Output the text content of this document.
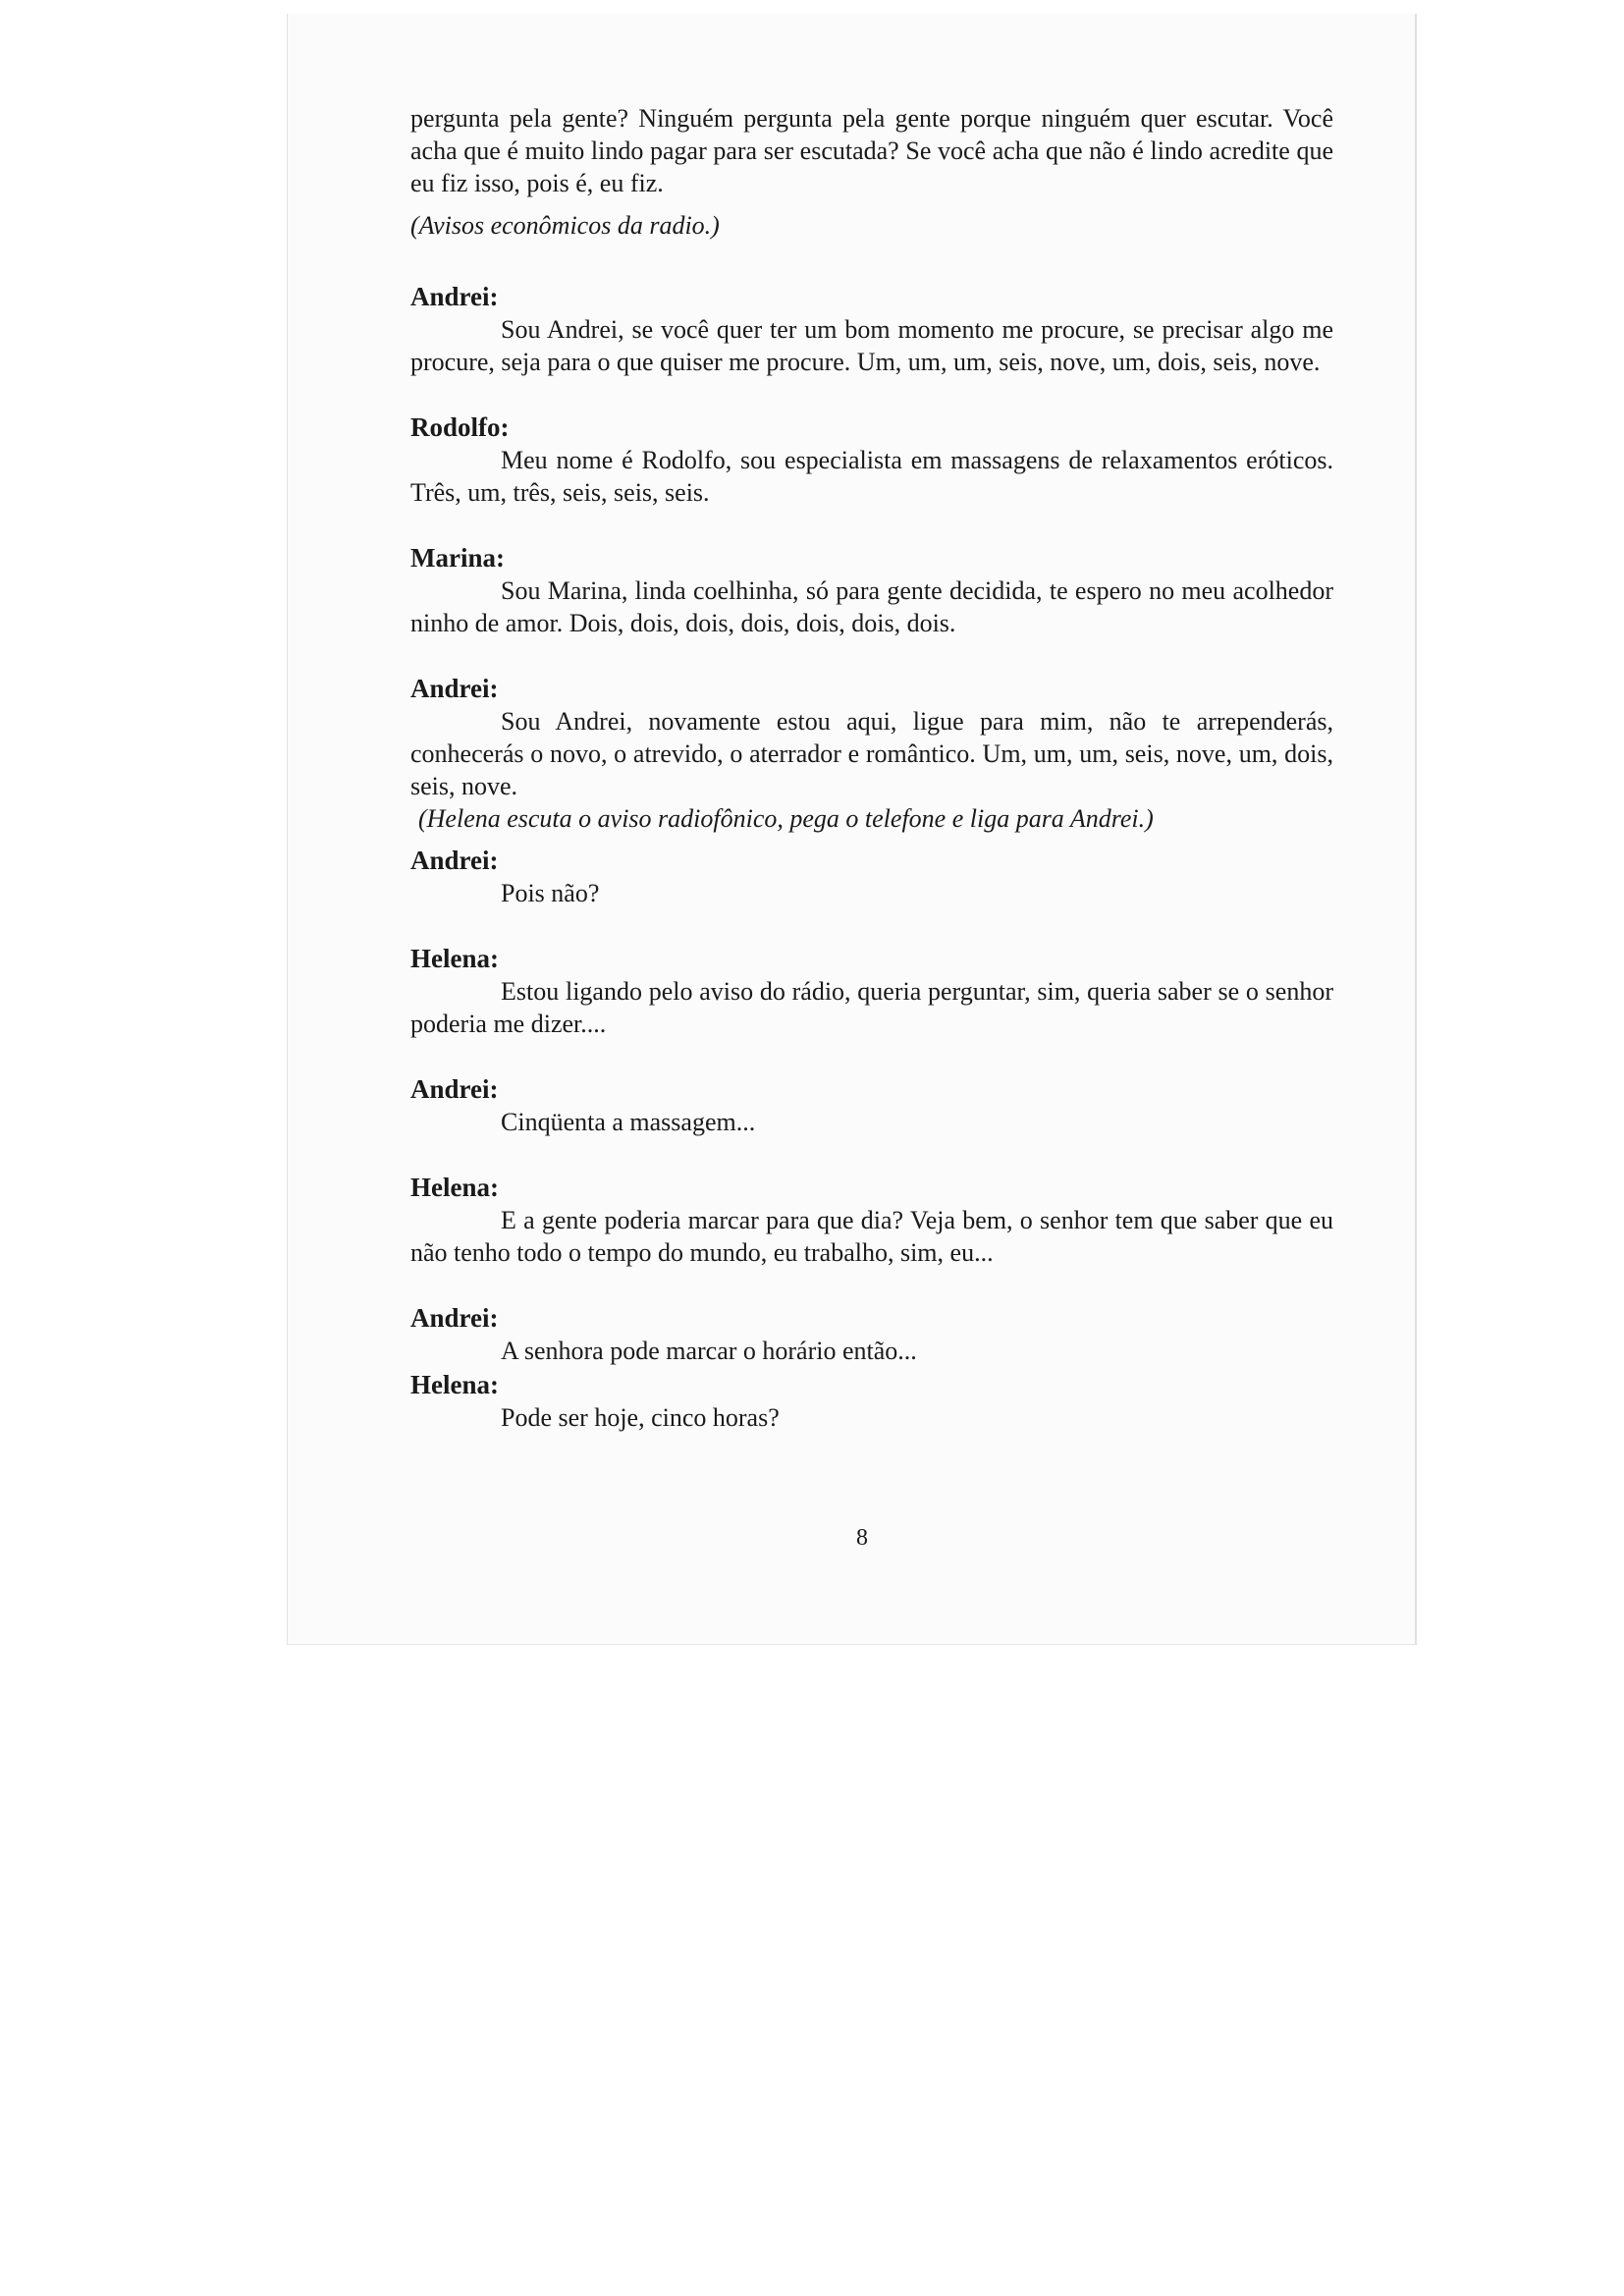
pergunta pela gente? Ninguém pergunta pela gente porque ninguém quer escutar. Você acha que é muito lindo pagar para ser escutada? Se você acha que não é lindo acredite que eu fiz isso, pois é, eu fiz.

(Avisos econômicos da radio.)

Andrei:

Sou Andrei, se você quer ter um bom momento me procure, se precisar algo me procure, seja para o que quiser me procure. Um, um, um, seis, nove, um, dois, seis, nove.

Rodolfo:

Meu nome é Rodolfo, sou especialista em massagens de relaxamentos eróticos. Três, um, três, seis, seis, seis.

Marina:

Sou Marina, linda coelhinha, só para gente decidida, te espero no meu acolhedor ninho de amor. Dois, dois, dois, dois, dois, dois, dois.

Andrei:

Sou Andrei, novamente estou aqui, ligue para mim, não te arrependerás, conhecerás o novo, o atrevido, o aterrador e romântico. Um, um, um, seis, nove, um, dois, seis, nove.

(Helena escuta o aviso radiofônico, pega o telefone e liga para Andrei.)

Andrei:

Pois não?

Helena:

Estou ligando pelo aviso do rádio, queria perguntar, sim, queria saber se o senhor poderia me dizer....

Andrei:

Cinqüenta a massagem...

Helena:

E a gente poderia marcar para que dia? Veja bem, o senhor tem que saber que eu não tenho todo o tempo do mundo, eu trabalho, sim, eu...

Andrei:

A senhora pode marcar o horário então...

Helena:

Pode ser hoje, cinco horas?

8
